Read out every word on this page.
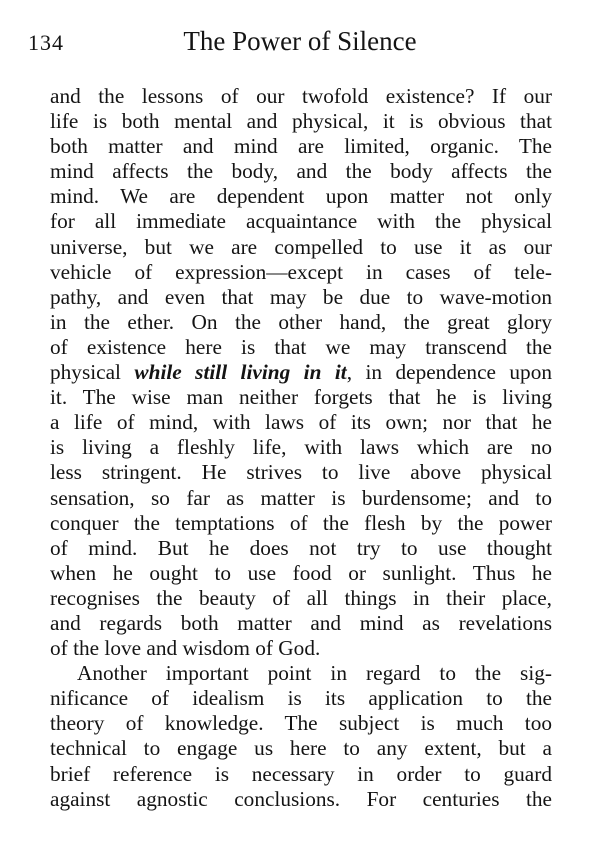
134	The Power of Silence
and the lessons of our twofold existence? If our
life is both mental and physical, it is obvious that
both matter and mind are limited, organic. The
mind affects the body, and the body affects the
mind. We are dependent upon matter not only
for all immediate acquaintance with the physical
universe, but we are compelled to use it as our
vehicle of expression—except in cases of tele-
pathy, and even that may be due to wave-motion
in the ether. On the other hand, the great glory
of existence here is that we may transcend the
physical while still living in it, in dependence upon
it. The wise man neither forgets that he is living
a life of mind, with laws of its own; nor that he
is living a fleshly life, with laws which are no
less stringent. He strives to live above physical
sensation, so far as matter is burdensome; and to
conquer the temptations of the flesh by the power
of mind. But he does not try to use thought
when he ought to use food or sunlight. Thus he
recognises the beauty of all things in their place,
and regards both matter and mind as revelations
of the love and wisdom of God.
Another important point in regard to the sig-
nificance of idealism is its application to the
theory of knowledge. The subject is much too
technical to engage us here to any extent, but a
brief reference is necessary in order to guard
against agnostic conclusions. For centuries the
